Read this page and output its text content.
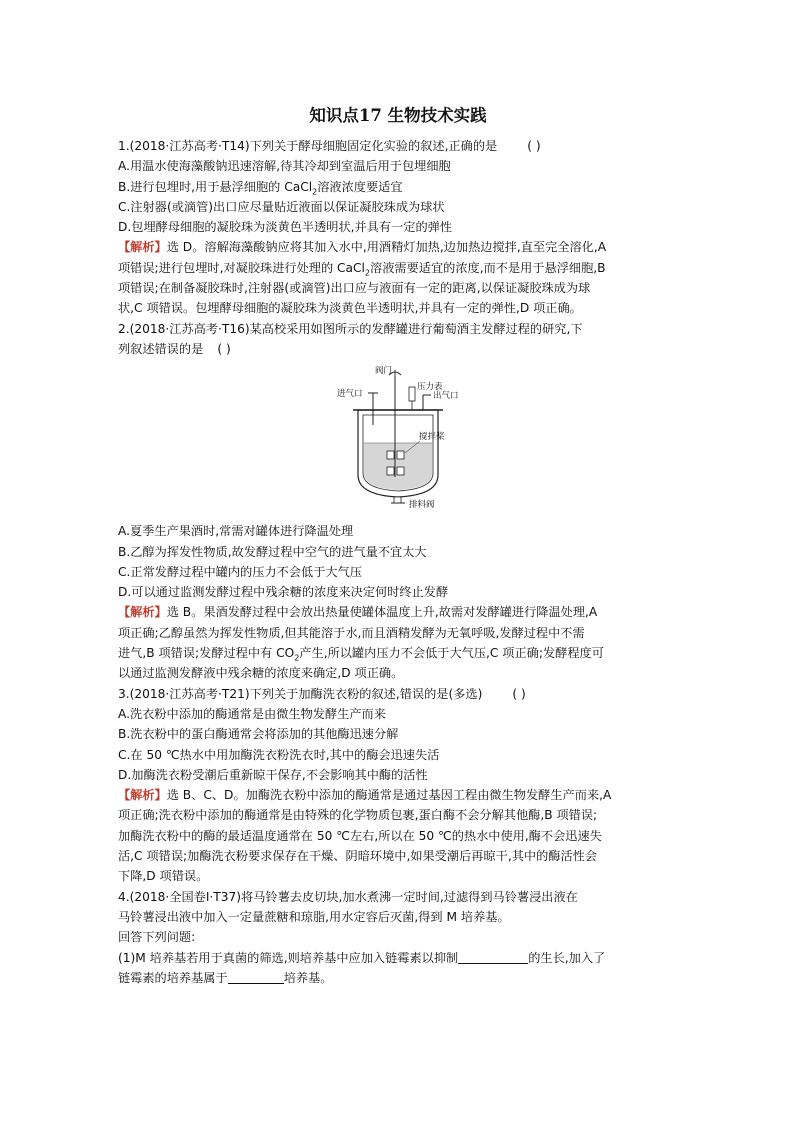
知识点17 生物技术实践
1.(2018·江苏高考·T14)下列关于酵母细胞固定化实验的叙述,正确的是 ( )
A.用温水使海藻酸钠迅速溶解,待其冷却到室温后用于包埋细胞
B.进行包埋时,用于悬浮细胞的 CaCl$_2$溶液浓度要适宜
C.注射器(或滴管)出口应尽量贴近液面以保证凝胶珠成为球状
D.包埋酵母细胞的凝胶珠为淡黄色半透明状,并具有一定的弹性
【解析】选 D。溶解海藻酸钠应将其加入水中,用酒精灯加热,边加热边搅拌,直至完全溶化,A
项错误;进行包埋时,对凝胶珠进行处理的 CaCl$_2$溶液需要适宜的浓度,而不是用于悬浮细胞,B
项错误;在制备凝胶珠时,注射器(或滴管)出口应与液面有一定的距离,以保证凝胶珠成为球
状,C 项错误。包埋酵母细胞的凝胶珠为淡黄色半透明状,并具有一定的弹性,D 项正确。
2.(2018·江苏高考·T16)某高校采用如图所示的发酵罐进行葡萄酒主发酵过程的研究,下
列叙述错误的是 ( )
阀门
压力表
进气口	出气口
搅拌桨
排料阀
A.夏季生产果酒时,常需对罐体进行降温处理
B.乙醇为挥发性物质,故发酵过程中空气的进气量不宜太大
C.正常发酵过程中罐内的压力不会低于大气压
D.可以通过监测发酵过程中残余糖的浓度来决定何时终止发酵
【解析】选 B。果酒发酵过程中会放出热量使罐体温度上升,故需对发酵罐进行降温处理,A
项正确;乙醇虽然为挥发性物质,但其能溶于水,而且酒精发酵为无氧呼吸,发酵过程中不需
进气,B 项错误;发酵过程中有 $CO_2$产生,所以罐内压力不会低于大气压,C 项正确;发酵程度可
以通过监测发酵液中残余糖的浓度来确定,D 项正确。
3.(2018·江苏高考·T21)下列关于加酶洗衣粉的叙述,错误的是(多选) ( )
A.洗衣粉中添加的酶通常是由微生物发酵生产而来
B.洗衣粉中的蛋白酶通常会将添加的其他酶迅速分解
C.在 50 ℃热水中用加酶洗衣粉洗衣时,其中的酶会迅速失活
D.加酶洗衣粉受潮后重新晾干保存,不会影响其中酶的活性
【解析】选 B、C、D。加酶洗衣粉中添加的酶通常是通过基因工程由微生物发酵生产而来,A
项正确;洗衣粉中添加的酶通常是由特殊的化学物质包裹,蛋白酶不会分解其他酶,B 项错误;
加酶洗衣粉中的酶的最适温度通常在 50 ℃左右,所以在 50 ℃的热水中使用,酶不会迅速失
活,C 项错误;加酶洗衣粉要求保存在干燥、阴暗环境中,如果受潮后再晾干,其中的酶活性会
下降,D 项错误。
4.(2018·全国卷Ⅰ·T37)将马铃薯去皮切块,加水煮沸一定时间,过滤得到马铃薯浸出液在
马铃薯浸出液中加入一定量蔗糖和琼脂,用水定容后灭菌,得到 M 培养基。
回答下列问题:
(1)M 培养基若用于真菌的筛选,则培养基中应加入链霉素以抑制	的生长,加入了
链霉素的培养基属于	培养基。
